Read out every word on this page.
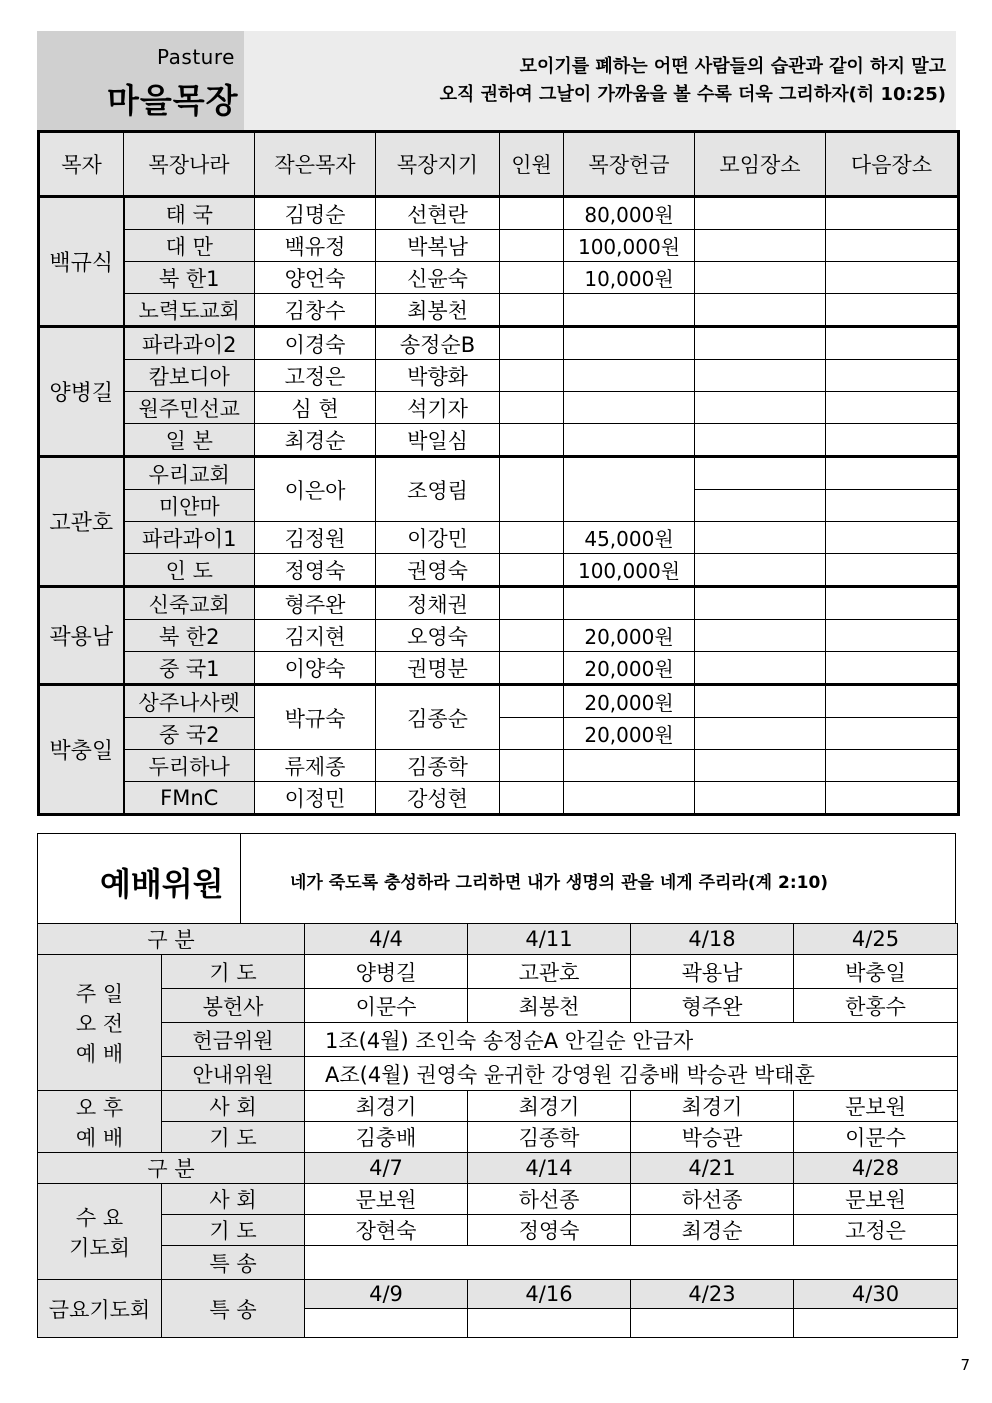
Pasture
마을목장
모이기를 폐하는 어떤 사람들의 습관과 같이 하지 말고
오직 권하여 그날이 가까움을 볼 수록 더욱 그리하자(히 10:25)
목자	목장나라	작은목자	목장지기	인원	목장헌금	모임장소	다음장소
백규식	태 국	김명순	선현란		80,000원		
	대 만	백유정	박복남		100,000원		
	북 한1	양언숙	신윤숙		10,000원		
	노력도교회	김창수	최봉천				
양병길	파라과이2	이경숙	송정순B				
	캄보디아	고정은	박향화				
	원주민선교	심 현	석기자				
	일 본	최경순	박일심				
고관호	우리교회	이은아	조영림				
	미얀마						
	파라과이1	김정원	이강민		45,000원		
	인 도	정영숙	권영숙		100,000원		
곽용남	신죽교회	형주완	정채권				
	북 한2	김지현	오영숙		20,000원		
	중 국1	이양숙	권명분		20,000원		
박충일	상주나사렛	박규숙	김종순		20,000원		
	중 국2				20,000원		
	두리하나	류제종	김종학				
	FMnC	이정민	강성현				
예배위원	네가 죽도록 충성하라 그리하면 내가 생명의 관을 네게 주리라(계 2:10)
구 분		4/4	4/11	4/18	4/25

주 일
오 전
예 배	기 도	양병길	고관호	곽용남	박충일
	봉헌사	이문수	최봉천	형주완	한홍수
	헌금위원	1조(4월) 조인숙 송정순A 안길순 안금자			
	안내위원	A조(4월) 권영숙 윤귀한 강영원 김충배 박승관 박태훈			

오 후
예 배	사 회	최경기	최경기	최경기	문보원
	기 도	김충배	김종학	박승관	이문수
구 분		4/7	4/14	4/21	4/28

수 요
기도회	사 회	문보원	하선종	하선종	문보원
	기 도	장현숙	정영숙	최경순	고정은
	특 송				
금요기도회	특 송	4/9	4/16	4/23	4/30

7
